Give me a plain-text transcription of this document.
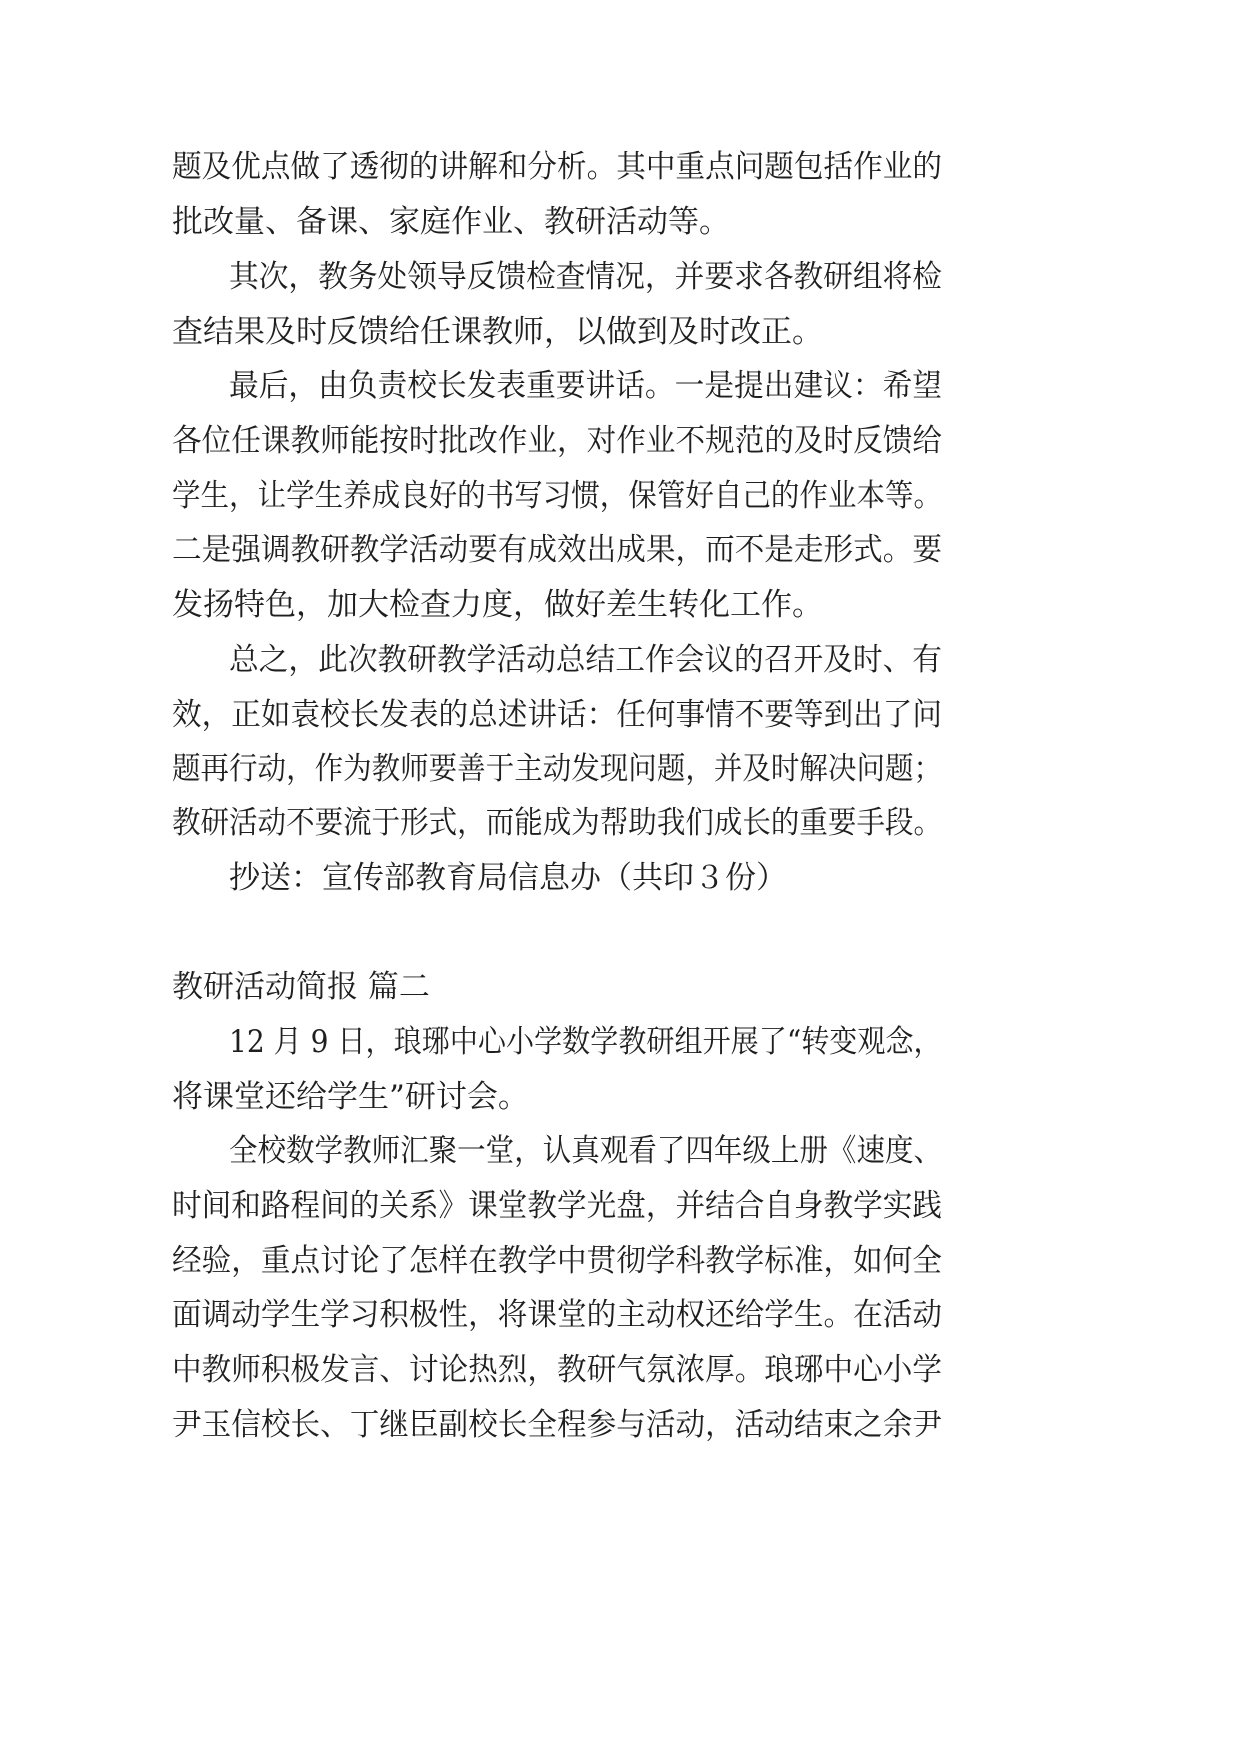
题及优点做了透彻的讲解和分析。其中重点问题包括作业的
批改量、备课、家庭作业、教研活动等。
其次，教务处领导反馈检查情况，并要求各教研组将检
查结果及时反馈给任课教师，以做到及时改正。
最后，由负责校长发表重要讲话。一是提出建议：希望
各位任课教师能按时批改作业，对作业不规范的及时反馈给
学生，让学生养成良好的书写习惯，保管好自己的作业本等。
二是强调教研教学活动要有成效出成果，而不是走形式。要
发扬特色，加大检查力度，做好差生转化工作。
总之，此次教研教学活动总结工作会议的召开及时、有
效，正如袁校长发表的总述讲话：任何事情不要等到出了问
题再行动，作为教师要善于主动发现问题，并及时解决问题；
教研活动不要流于形式，而能成为帮助我们成长的重要手段。
抄送：宣传部教育局信息办（共印３份）
教研活动简报 篇二
12 月 9 日，琅琊中心小学数学教研组开展了“转变观念，
将课堂还给学生”研讨会。
全校数学教师汇聚一堂，认真观看了四年级上册《速度、
时间和路程间的关系》课堂教学光盘，并结合自身教学实践
经验，重点讨论了怎样在教学中贯彻学科教学标准，如何全
面调动学生学习积极性，将课堂的主动权还给学生。在活动
中教师积极发言、讨论热烈，教研气氛浓厚。琅琊中心小学
尹玉信校长、丁继臣副校长全程参与活动，活动结束之余尹
